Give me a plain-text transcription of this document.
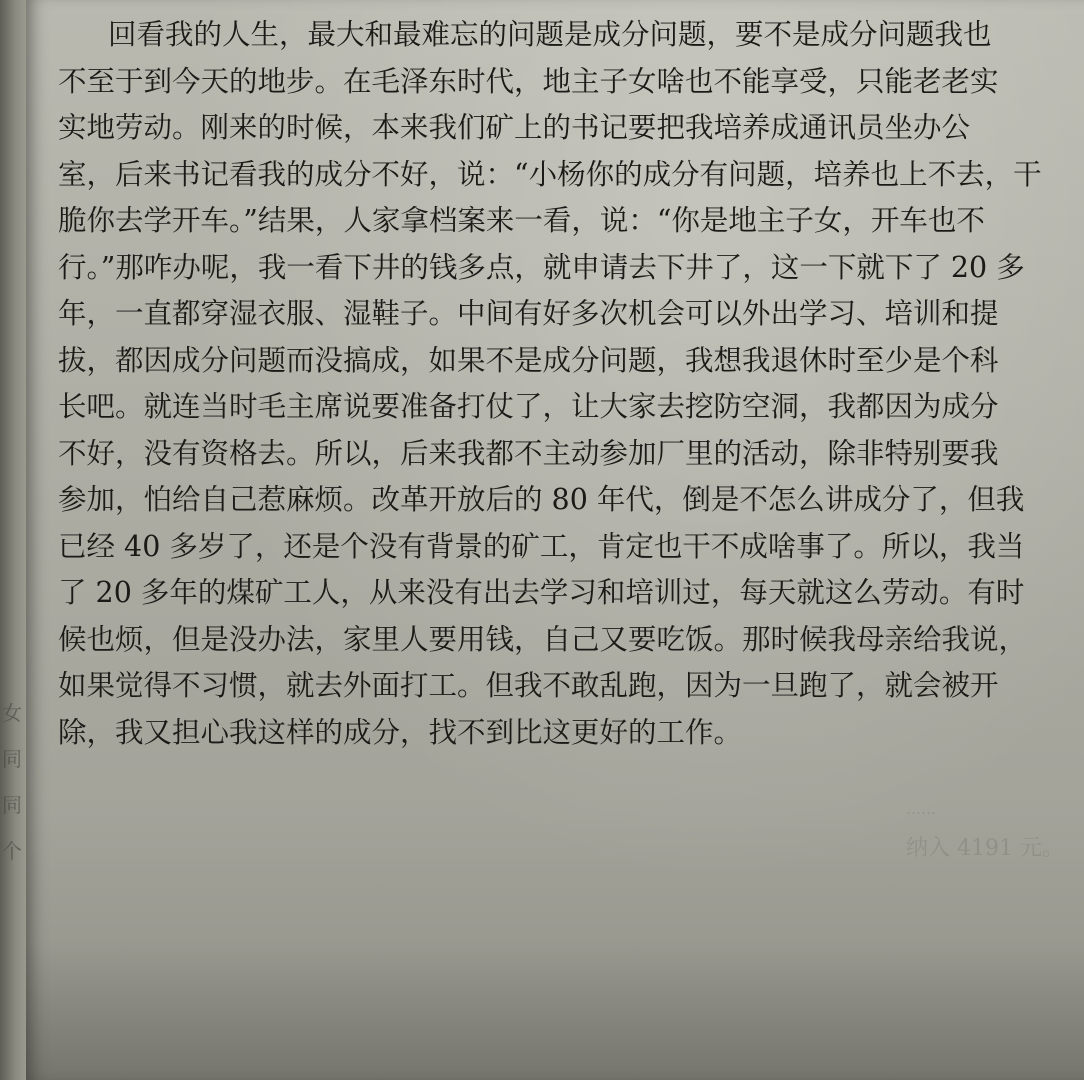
女
同
同
个
……
纳入 4191 元。
回看我的人生，最大和最难忘的问题是成分问题，要不是成分问题我也
不至于到今天的地步。在毛泽东时代，地主子女啥也不能享受，只能老老实
实地劳动。刚来的时候，本来我们矿上的书记要把我培养成通讯员坐办公
室，后来书记看我的成分不好，说：“小杨你的成分有问题，培养也上不去，干
脆你去学开车。”结果，人家拿档案来一看，说：“你是地主子女，开车也不
行。”那咋办呢，我一看下井的钱多点，就申请去下井了，这一下就下了 20 多
年，一直都穿湿衣服、湿鞋子。中间有好多次机会可以外出学习、培训和提
拔，都因成分问题而没搞成，如果不是成分问题，我想我退休时至少是个科
长吧。就连当时毛主席说要准备打仗了，让大家去挖防空洞，我都因为成分
不好，没有资格去。所以，后来我都不主动参加厂里的活动，除非特别要我
参加，怕给自己惹麻烦。改革开放后的 80 年代，倒是不怎么讲成分了，但我
已经 40 多岁了，还是个没有背景的矿工，肯定也干不成啥事了。所以，我当
了 20 多年的煤矿工人，从来没有出去学习和培训过，每天就这么劳动。有时
候也烦，但是没办法，家里人要用钱，自己又要吃饭。那时候我母亲给我说，
如果觉得不习惯，就去外面打工。但我不敢乱跑，因为一旦跑了，就会被开
除，我又担心我这样的成分，找不到比这更好的工作。
